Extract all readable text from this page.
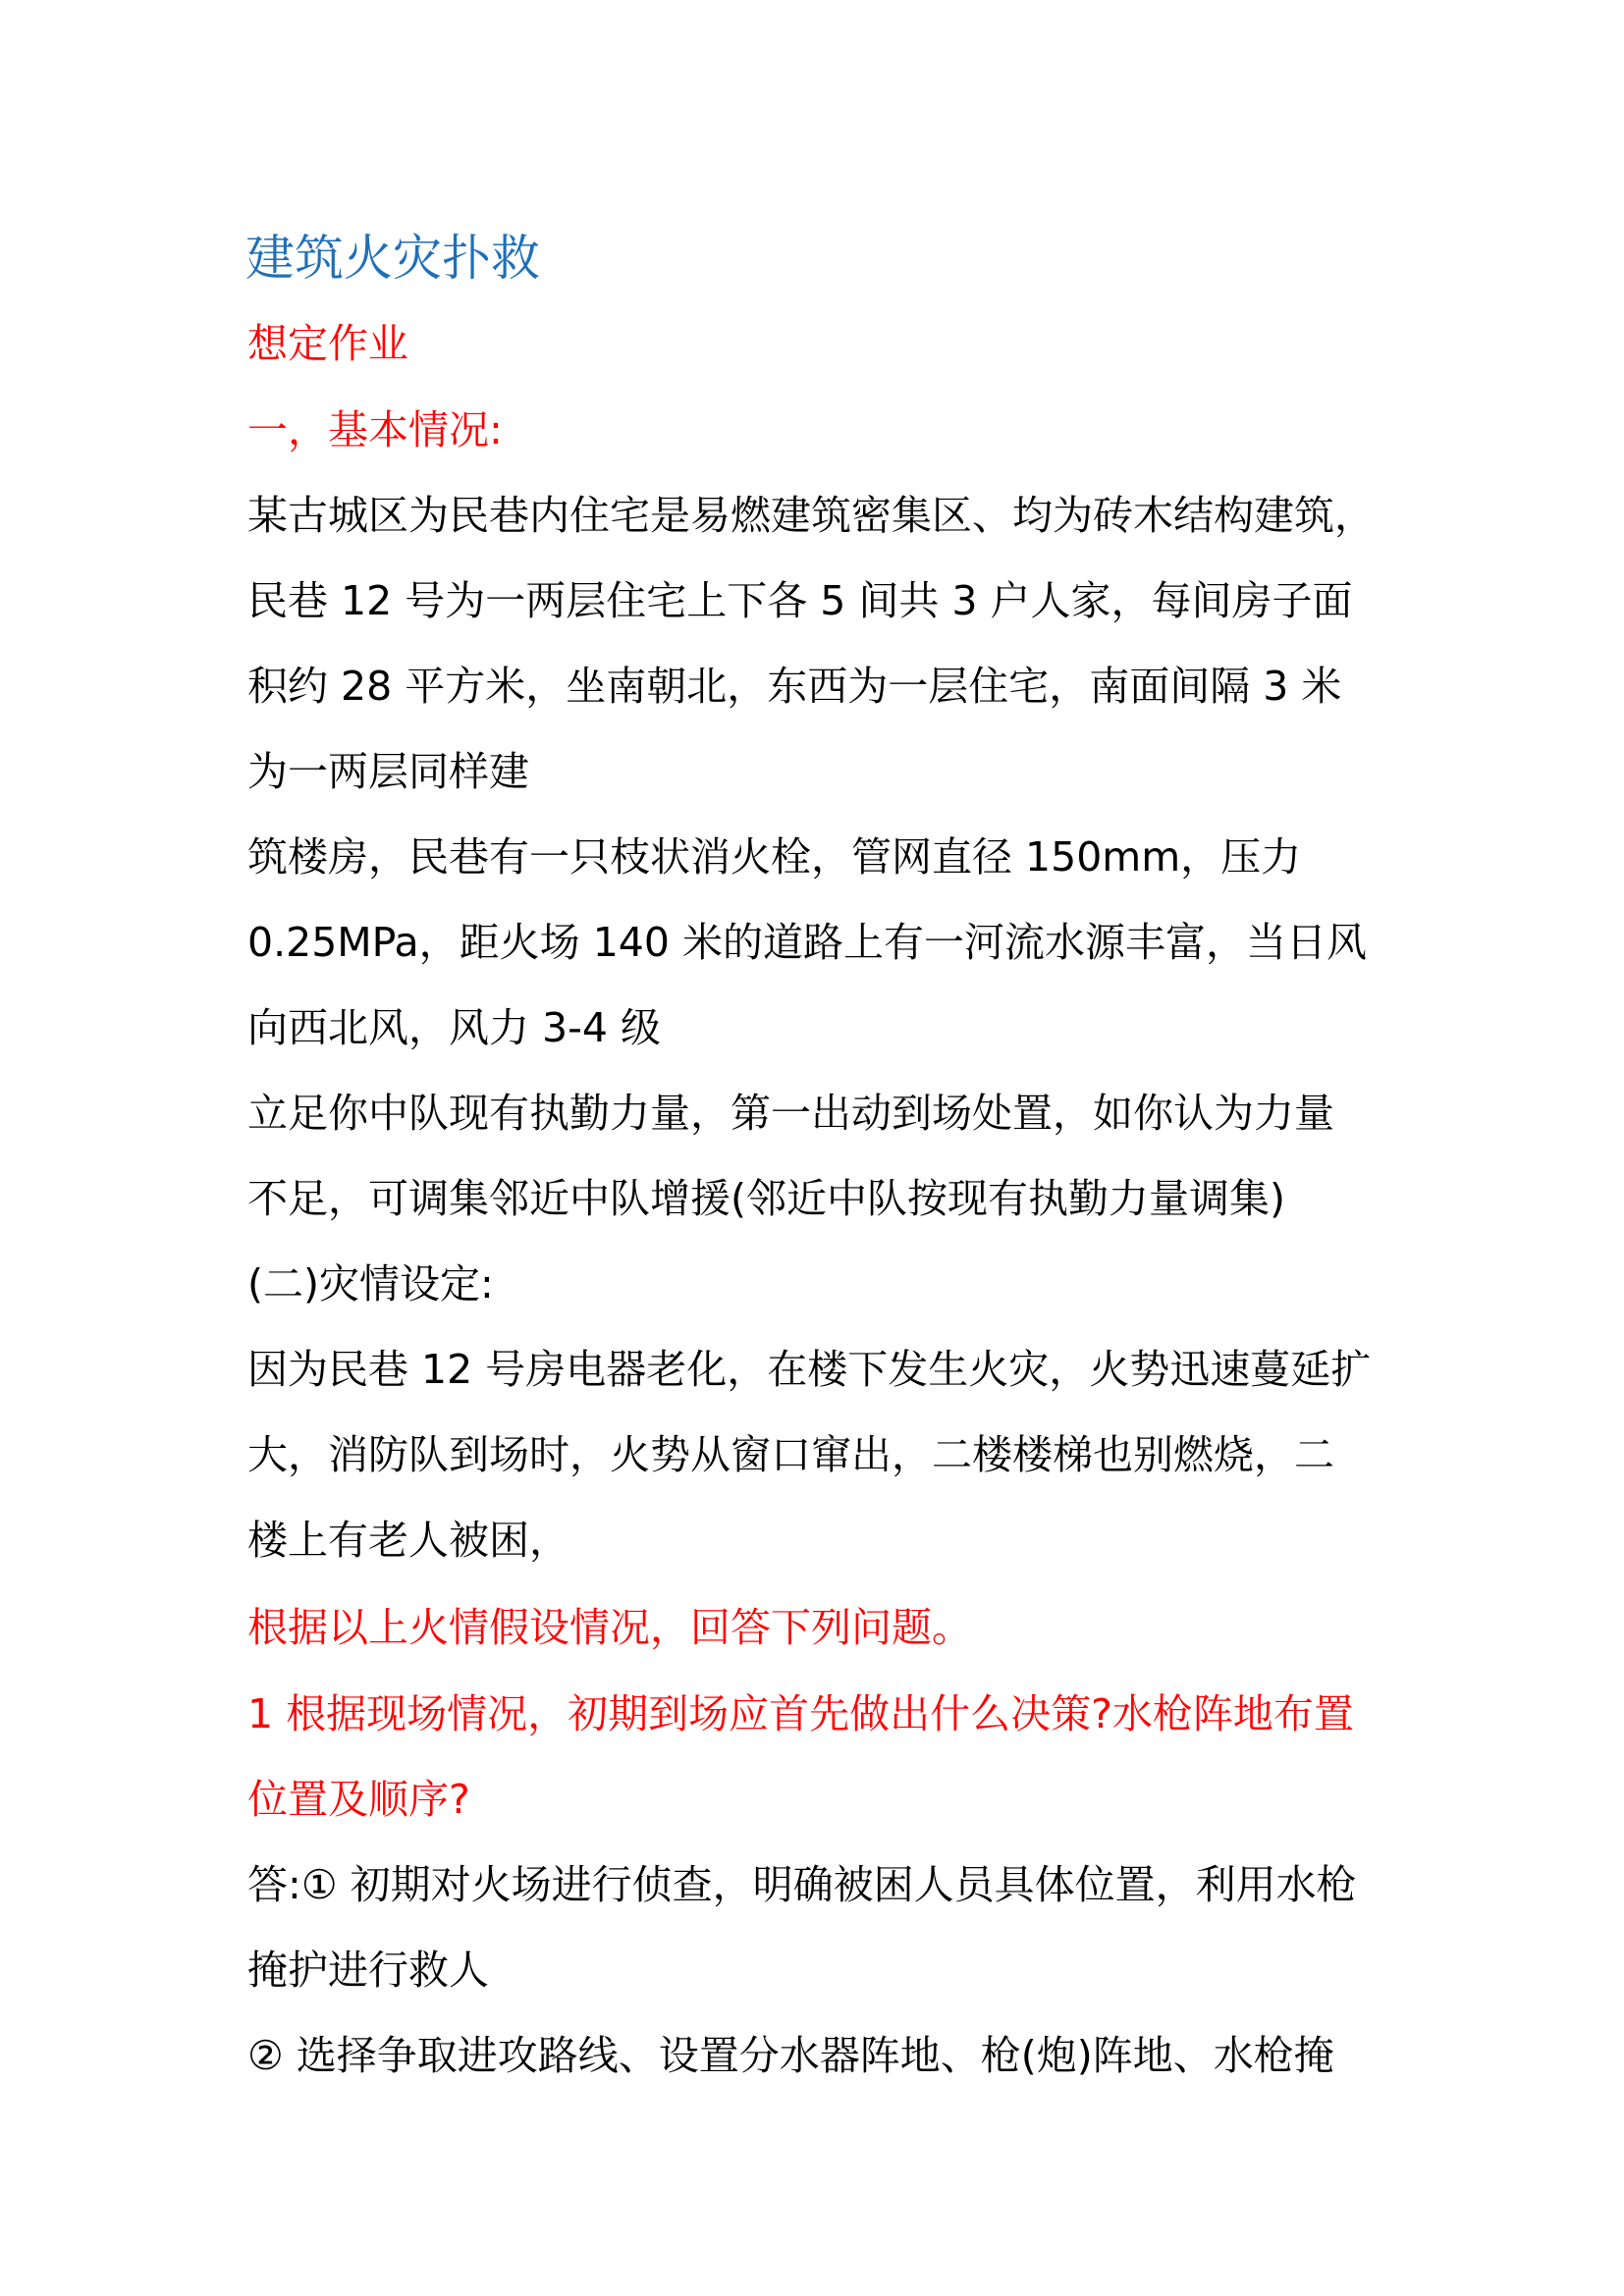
建筑火灾扑救
想定作业
一，基本情况:
某古城区为民巷内住宅是易燃建筑密集区、均为砖木结构建筑，
民巷 12 号为一两层住宅上下各 5 间共 3 户人家，每间房子面
积约 28 平方米，坐南朝北，东西为一层住宅，南面间隔 3 米
为一两层同样建
筑楼房，民巷有一只枝状消火栓，管网直径 150mm，压力
0.25MPa，距火场 140 米的道路上有一河流水源丰富，当日风
向西北风，风力 3-4 级
立足你中队现有执勤力量，第一出动到场处置，如你认为力量
不足，可调集邻近中队增援(邻近中队按现有执勤力量调集)
(二)灾情设定:
因为民巷 12 号房电器老化，在楼下发生火灾，火势迅速蔓延扩
大，消防队到场时，火势从窗口窜出，二楼楼梯也别燃烧，二
楼上有老人被困，
根据以上火情假设情况，回答下列问题。
1 根据现场情况，初期到场应首先做出什么决策?水枪阵地布置
位置及顺序?
答:① 初期对火场进行侦查，明确被困人员具体位置，利用水枪
掩护进行救人
② 选择争取进攻路线、设置分水器阵地、枪(炮)阵地、水枪掩
